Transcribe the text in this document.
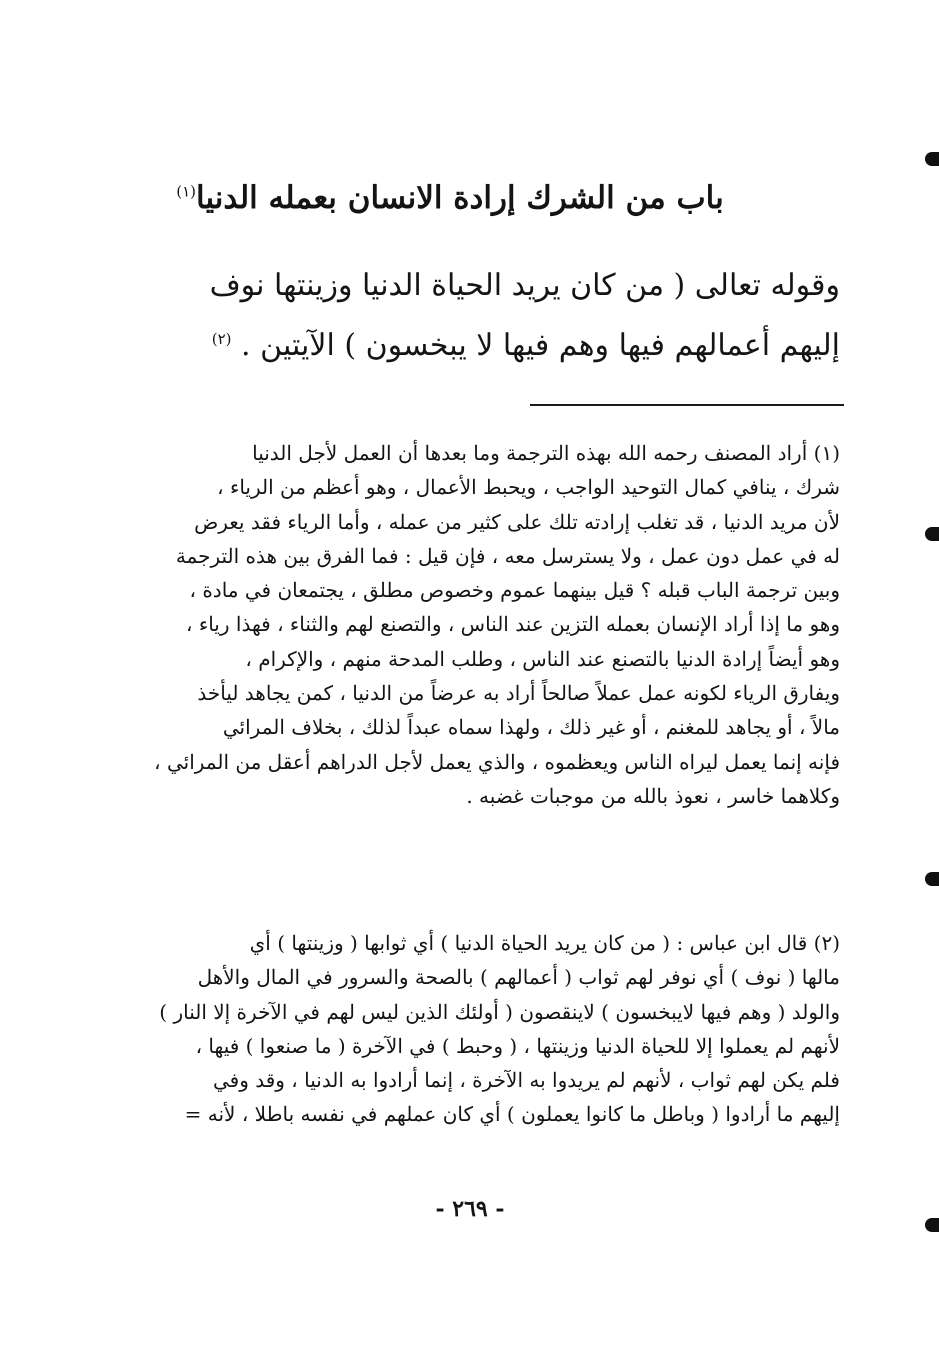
باب من الشرك إرادة الانسان بعمله الدنيا$^{(١)}$
وقوله تعالى ( من كان يريد الحياة الدنيا وزينتها نوف
إليهم أعمالهم فيها وهم فيها لا يبخسون ) الآيتين . $^{(٢)}$
(١) أراد المصنف رحمه الله بهذه الترجمة وما بعدها أن العمل لأجل الدنيا
شرك ، ينافي كمال التوحيد الواجب ، ويحبط الأعمال ، وهو أعظم من الرياء ،
لأن مريد الدنيا ، قد تغلب إرادته تلك على كثير من عمله ، وأما الرياء فقد يعرض
له في عمل دون عمل ، ولا يسترسل معه ، فإن قيل : فما الفرق بين هذه الترجمة
وبين ترجمة الباب قبله ؟ قيل بينهما عموم وخصوص مطلق ، يجتمعان في مادة ،
وهو ما إذا أراد الإنسان بعمله التزين عند الناس ، والتصنع لهم والثناء ، فهذا رياء ،
وهو أيضاً إرادة الدنيا بالتصنع عند الناس ، وطلب المدحة منهم ، والإكرام ،
ويفارق الرياء لكونه عمل عملاً صالحاً أراد به عرضاً من الدنيا ، كمن يجاهد ليأخذ
مالاً ، أو يجاهد للمغنم ، أو غير ذلك ، ولهذا سماه عبداً لذلك ، بخلاف المرائي
فإنه إنما يعمل ليراه الناس ويعظموه ، والذي يعمل لأجل الدراهم أعقل من المرائي ،
وكلاهما خاسر ، نعوذ بالله من موجبات غضبه .
(٢) قال ابن عباس : ( من كان يريد الحياة الدنيا ) أي ثوابها ( وزينتها ) أي
مالها ( نوف ) أي نوفر لهم ثواب ( أعمالهم ) بالصحة والسرور في المال والأهل
والولد ( وهم فيها لايبخسون ) لاينقصون ( أولئك الذين ليس لهم في الآخرة إلا النار )
لأنهم لم يعملوا إلا للحياة الدنيا وزينتها ، ( وحبط ) في الآخرة ( ما صنعوا ) فيها ،
فلم يكن لهم ثواب ، لأنهم لم يريدوا به الآخرة ، إنما أرادوا به الدنيا ، وقد وفي
إليهم ما أرادوا ( وباطل ما كانوا يعملون ) أي كان عملهم في نفسه باطلا ، لأنه =
- ٢٦٩ -
